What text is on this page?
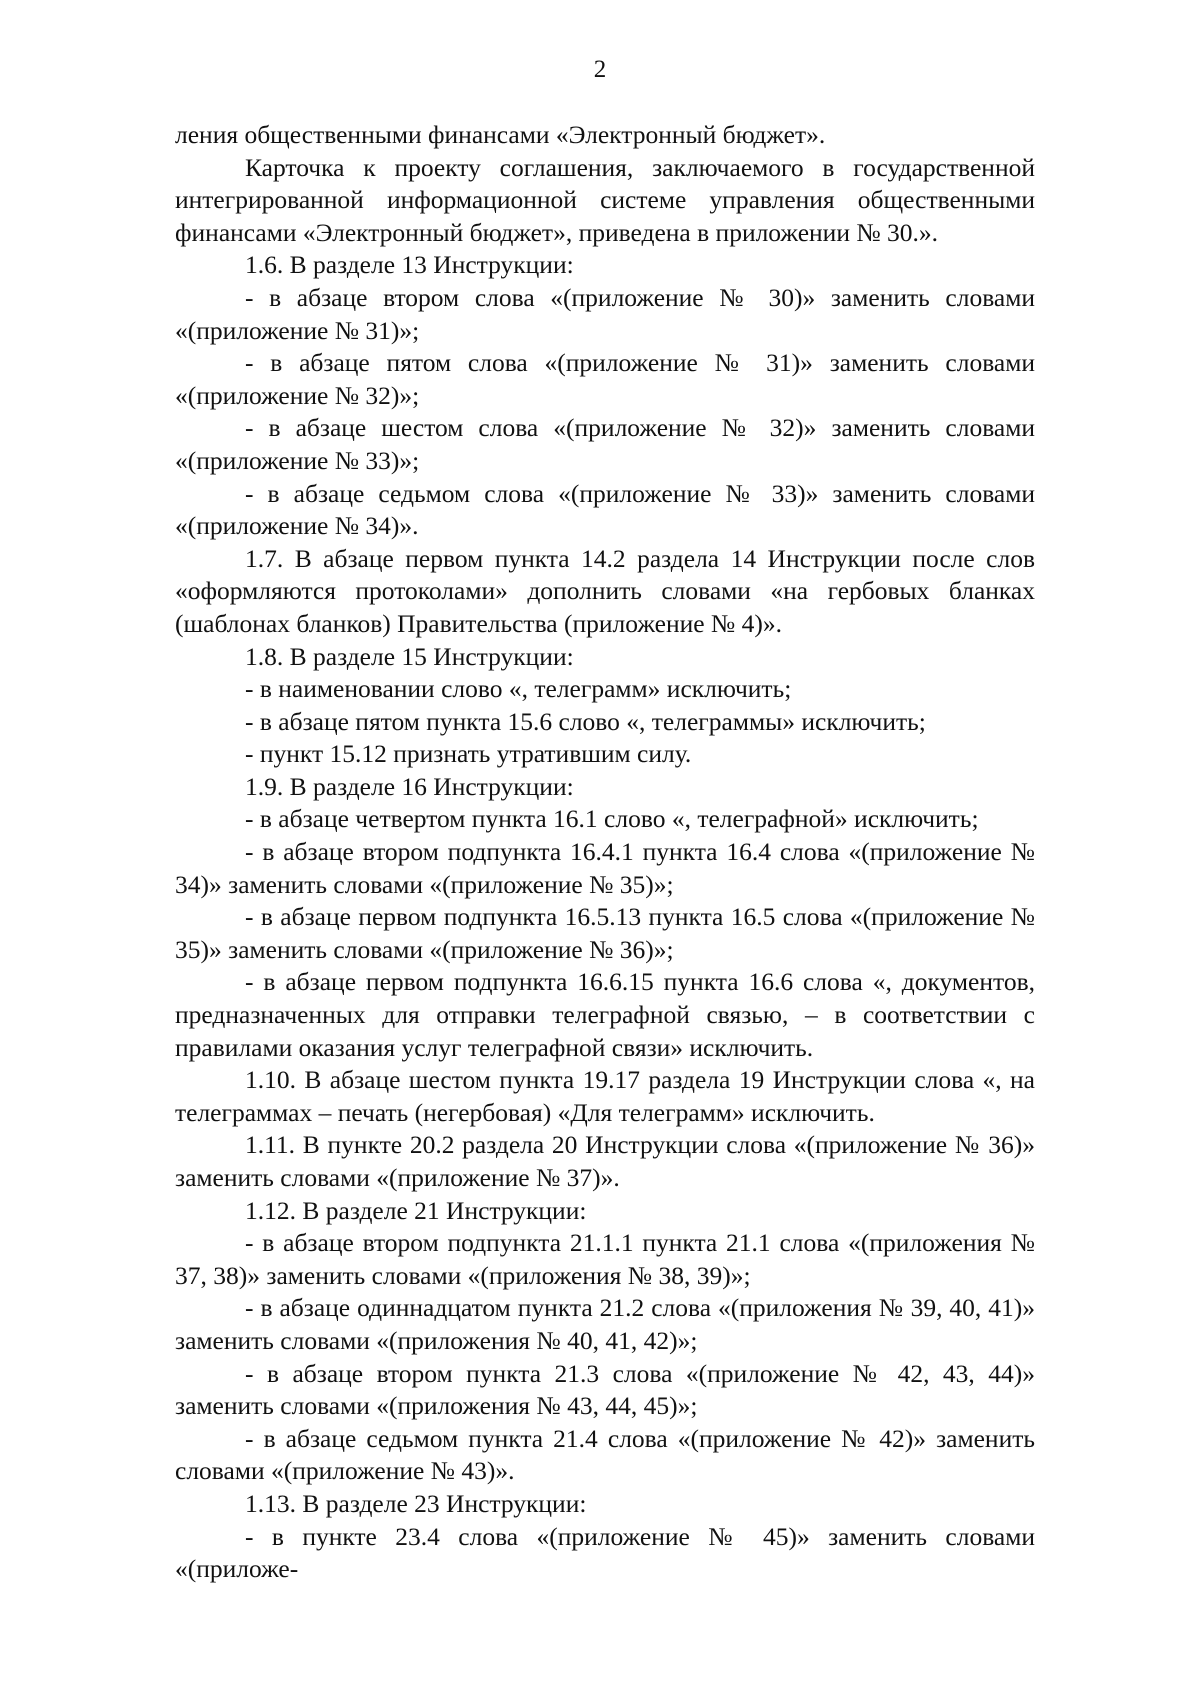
2

ления общественными финансами «Электронный бюджет».

Карточка к проекту соглашения, заключаемого в государственной интегрированной информационной системе управления общественными финансами «Электронный бюджет», приведена в приложении № 30.».

1.6. В разделе 13 Инструкции:

- в абзаце втором слова «(приложение № 30)» заменить словами «(приложение № 31)»;

- в абзаце пятом слова «(приложение № 31)» заменить словами «(приложение № 32)»;

- в абзаце шестом слова «(приложение № 32)» заменить словами «(приложение № 33)»;

- в абзаце седьмом слова «(приложение № 33)» заменить словами «(приложение № 34)».

1.7. В абзаце первом пункта 14.2 раздела 14 Инструкции после слов «оформляются протоколами» дополнить словами «на гербовых бланках (шаблонах бланков) Правительства (приложение № 4)».

1.8. В разделе 15 Инструкции:

- в наименовании слово «, телеграмм» исключить;

- в абзаце пятом пункта 15.6 слово «, телеграммы» исключить;

- пункт 15.12 признать утратившим силу.

1.9. В разделе 16 Инструкции:

- в абзаце четвертом пункта 16.1 слово «, телеграфной» исключить;

- в абзаце втором подпункта 16.4.1 пункта 16.4 слова «(приложение № 34)» заменить словами «(приложение № 35)»;

- в абзаце первом подпункта 16.5.13 пункта 16.5 слова «(приложение № 35)» заменить словами «(приложение № 36)»;

- в абзаце первом подпункта 16.6.15 пункта 16.6 слова «, документов, предназначенных для отправки телеграфной связью, – в соответствии с правилами оказания услуг телеграфной связи» исключить.

1.10. В абзаце шестом пункта 19.17 раздела 19 Инструкции слова «, на телеграммах – печать (негербовая) «Для телеграмм» исключить.

1.11. В пункте 20.2 раздела 20 Инструкции слова «(приложение № 36)» заменить словами «(приложение № 37)».

1.12. В разделе 21 Инструкции:

- в абзаце втором подпункта 21.1.1 пункта 21.1 слова «(приложения № 37, 38)» заменить словами «(приложения № 38, 39)»;

- в абзаце одиннадцатом пункта 21.2 слова «(приложения № 39, 40, 41)» заменить словами «(приложения № 40, 41, 42)»;

- в абзаце втором пункта 21.3 слова «(приложение № 42, 43, 44)» заменить словами «(приложения № 43, 44, 45)»;

- в абзаце седьмом пункта 21.4 слова «(приложение № 42)» заменить словами «(приложение № 43)».

1.13. В разделе 23 Инструкции:

- в пункте 23.4 слова «(приложение № 45)» заменить словами «(приложе-
